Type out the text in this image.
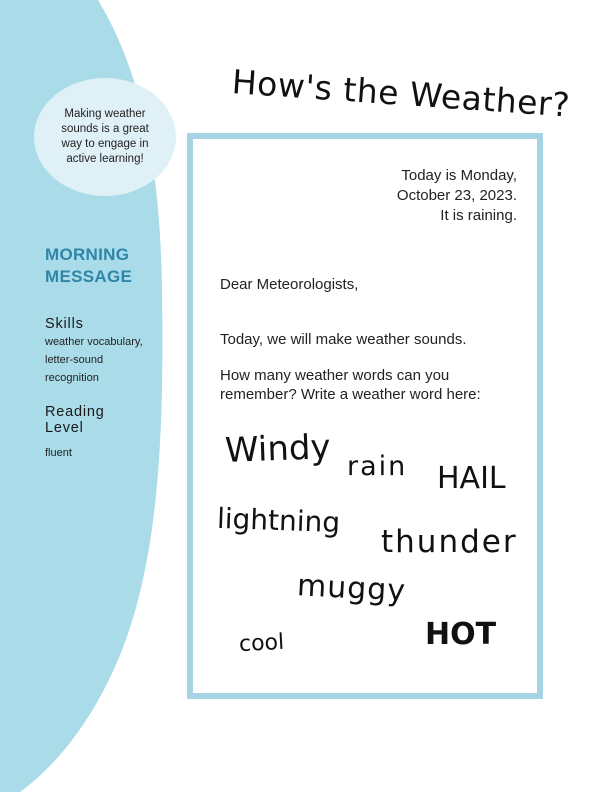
Making weather sounds is a great way to engage in active learning!
MORNING
MESSAGE
Skills
weather vocabulary,
letter-sound
recognition
Reading
Level
fluent
How's the Weather?
Today is Monday,
October 23, 2023.
It is raining.
Dear Meteorologists,
Today, we will make weather sounds.
How many weather words can you
remember? Write a weather word here:
Windy rain HAIL
lightning
thunder
muggy
cool	HOT
